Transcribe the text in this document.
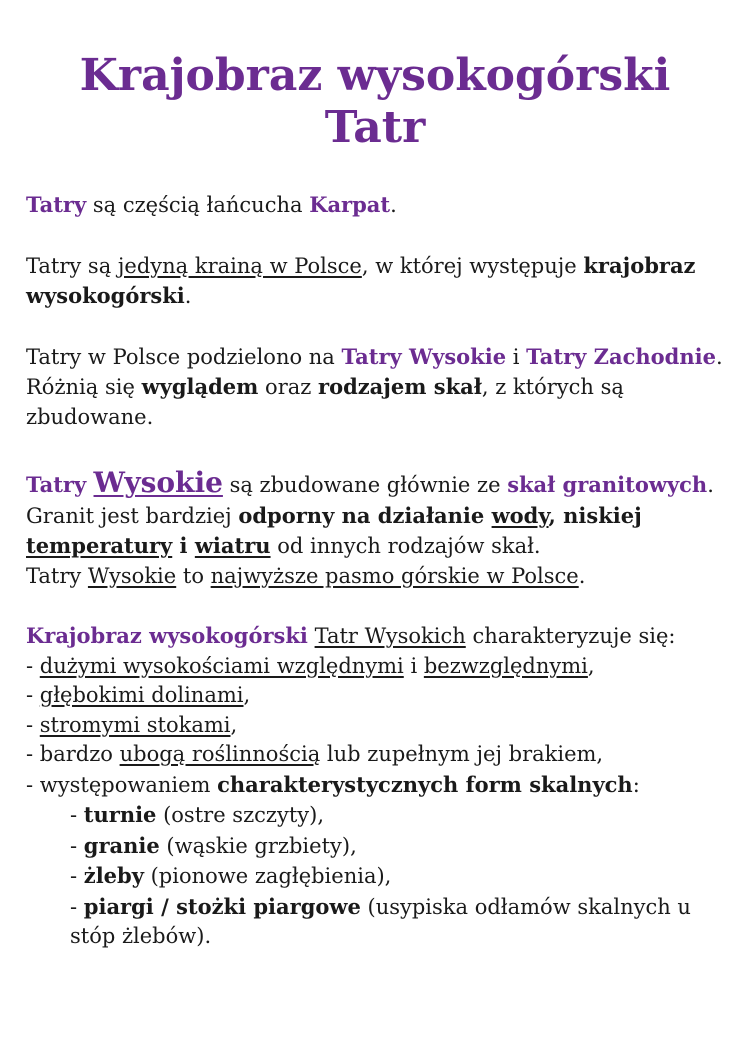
Krajobraz wysokogórski
Tatr

Tatry są częścią łańcucha Karpat.

Tatry są jedyną krainą w Polsce, w której występuje krajobraz wysokogórski.

Tatry w Polsce podzielono na Tatry Wysokie i Tatry Zachodnie. Różnią się wyglądem oraz rodzajem skał, z których są zbudowane.

Tatry Wysokie są zbudowane głównie ze skał granitowych.

Granit jest bardziej odporny na działanie wody, niskiej temperatury i wiatru od innych rodzajów skał.

Tatry Wysokie to najwyższe pasmo górskie w Polsce.

Krajobraz wysokogórski Tatr Wysokich charakteryzuje się:

- dużymi wysokościami względnymi i bezwzględnymi,

- głębokimi dolinami,

- stromymi stokami,

- bardzo ubogą roślinnością lub zupełnym jej brakiem,

- występowaniem charakterystycznych form skalnych:

- turnie (ostre szczyty),

- granie (wąskie grzbiety),

- żleby (pionowe zagłębienia),

- piargi / stożki piargowe (usypiska odłamów skalnych u stóp żlebów).
